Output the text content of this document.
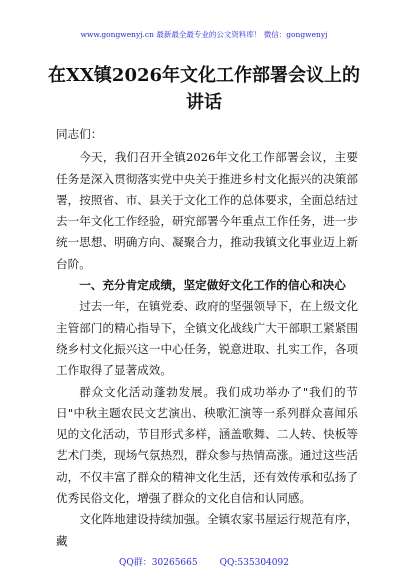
www.gongwenyj.cn 最新最全最专业的公文资料库！ 微信：gongwenyj
在XX镇2026年文化工作部署会议上的讲话

同志们：

今天，我们召开全镇2026年文化工作部署会议，主要任务是深入贯彻落实党中央关于推进乡村文化振兴的决策部署，按照省、市、县关于文化工作的总体要求，全面总结过去一年文化工作经验，研究部署今年重点工作任务，进一步统一思想、明确方向、凝聚合力，推动我镇文化事业迈上新台阶。

一、充分肯定成绩，坚定做好文化工作的信心和决心

过去一年，在镇党委、政府的坚强领导下，在上级文化主管部门的精心指导下，全镇文化战线广大干部职工紧紧围绕乡村文化振兴这一中心任务，锐意进取、扎实工作，各项工作取得了显著成效。

群众文化活动蓬勃发展。我们成功举办了"我们的节日"中秋主题农民文艺演出、秧歌汇演等一系列群众喜闻乐见的文化活动，节目形式多样，涵盖歌舞、二人转、快板等艺术门类，现场气氛热烈，群众参与热情高涨。通过这些活动，不仅丰富了群众的精神文化生活，还有效传承和弘扬了优秀民俗文化，增强了群众的文化自信和认同感。

文化阵地建设持续加强。全镇农家书屋运行规范有序，藏

QQ群：30265665 QQ:535304092
